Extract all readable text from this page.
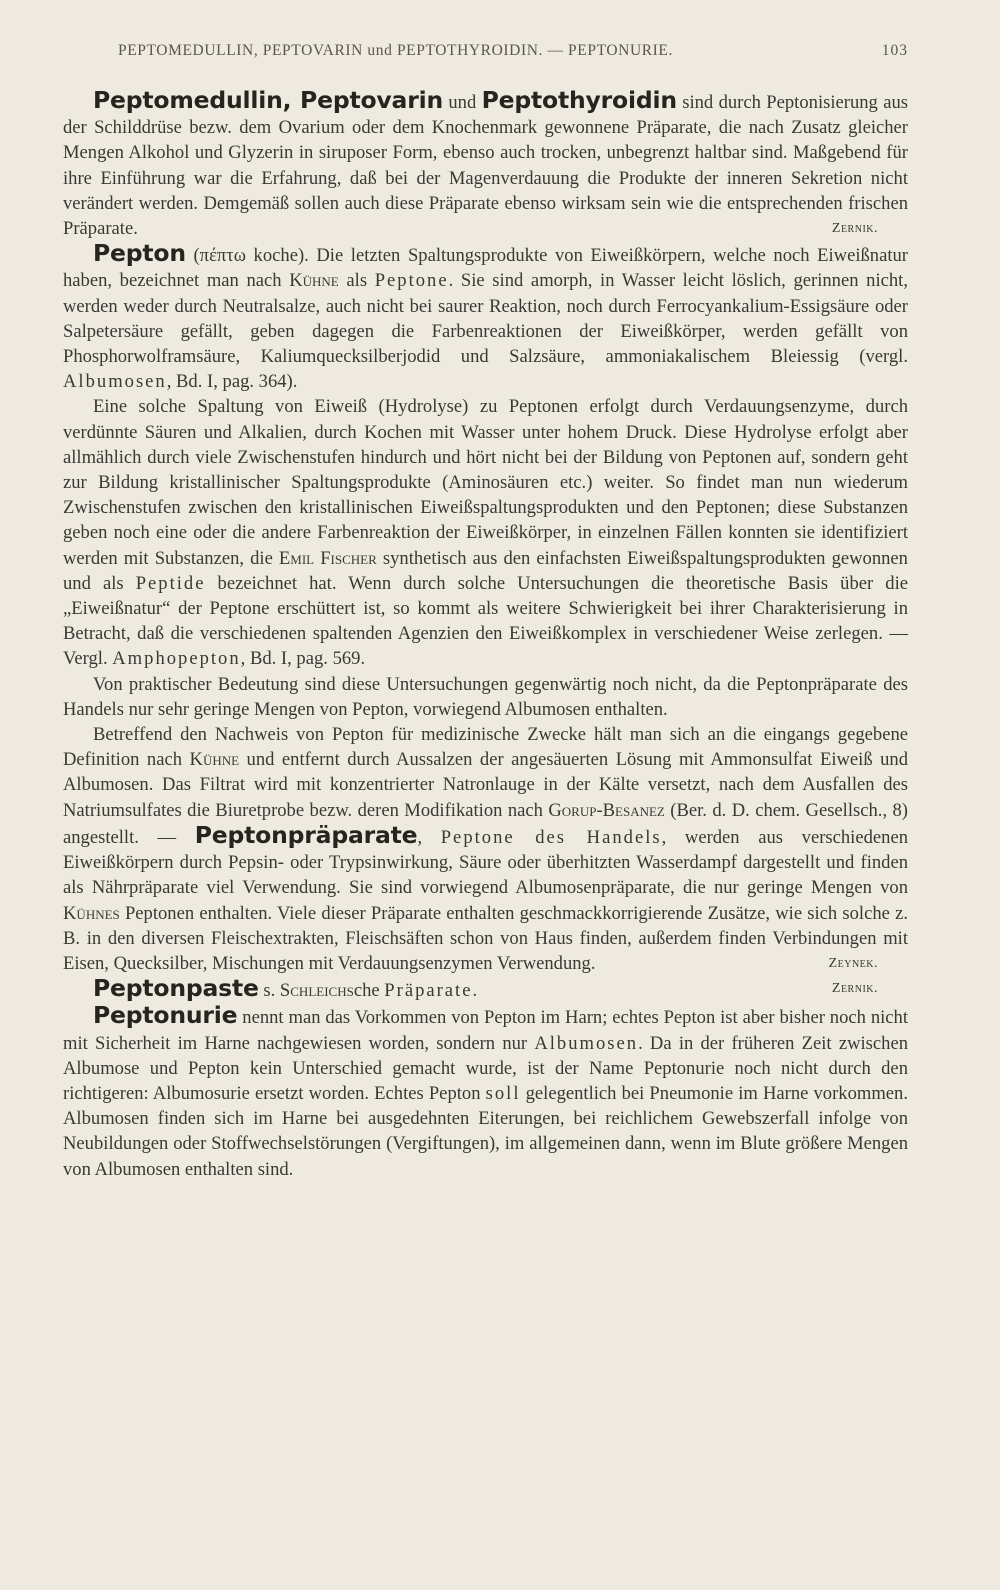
PEPTOMEDULLIN, PEPTOVARIN und PEPTOTHYROIDIN. — PEPTONURIE.	103

Peptomedullin, Peptovarin und Peptothyroidin sind durch Peptonisierung aus der Schilddrüse bezw. dem Ovarium oder dem Knochenmark gewonnene Präparate, die nach Zusatz gleicher Mengen Alkohol und Glyzerin in siruposer Form, ebenso auch trocken, unbegrenzt haltbar sind. Maßgebend für ihre Einführung war die Erfahrung, daß bei der Magenverdauung die Produkte der inneren Sekretion nicht verändert werden. Demgemäß sollen auch diese Präparate ebenso wirksam sein wie die entsprechenden frischen Präparate.	Zernik.

Pepton (πέπτω koche). Die letzten Spaltungsprodukte von Eiweißkörpern, welche noch Eiweißnatur haben, bezeichnet man nach Kühne als Peptone. Sie sind amorph, in Wasser leicht löslich, gerinnen nicht, werden weder durch Neutralsalze, auch nicht bei saurer Reaktion, noch durch Ferrocyankalium-Essigsäure oder Salpetersäure gefällt, geben dagegen die Farbenreaktionen der Eiweißkörper, werden gefällt von Phosphorwolframsäure, Kaliumquecksilberjodid und Salzsäure, ammoniakalischem Bleiessig (vergl. Albumosen, Bd. I, pag. 364).

Eine solche Spaltung von Eiweiß (Hydrolyse) zu Peptonen erfolgt durch Verdauungsenzyme, durch verdünnte Säuren und Alkalien, durch Kochen mit Wasser unter hohem Druck. Diese Hydrolyse erfolgt aber allmählich durch viele Zwischenstufen hindurch und hört nicht bei der Bildung von Peptonen auf, sondern geht zur Bildung kristallinischer Spaltungsprodukte (Aminosäuren etc.) weiter. So findet man nun wiederum Zwischenstufen zwischen den kristallinischen Eiweißspaltungsprodukten und den Peptonen; diese Substanzen geben noch eine oder die andere Farbenreaktion der Eiweißkörper, in einzelnen Fällen konnten sie identifiziert werden mit Substanzen, die Emil Fischer synthetisch aus den einfachsten Eiweißspaltungsprodukten gewonnen und als Peptide bezeichnet hat. Wenn durch solche Untersuchungen die theoretische Basis über die „Eiweißnatur“ der Peptone erschüttert ist, so kommt als weitere Schwierigkeit bei ihrer Charakterisierung in Betracht, daß die verschiedenen spaltenden Agenzien den Eiweißkomplex in verschiedener Weise zerlegen. — Vergl. Amphopepton, Bd. I, pag. 569.

Von praktischer Bedeutung sind diese Untersuchungen gegenwärtig noch nicht, da die Peptonpräparate des Handels nur sehr geringe Mengen von Pepton, vorwiegend Albumosen enthalten.

Betreffend den Nachweis von Pepton für medizinische Zwecke hält man sich an die eingangs gegebene Definition nach Kühne und entfernt durch Aussalzen der angesäuerten Lösung mit Ammonsulfat Eiweiß und Albumosen. Das Filtrat wird mit konzentrierter Natronlauge in der Kälte versetzt, nach dem Ausfallen des Natriumsulfates die Biuretprobe bezw. deren Modifikation nach Gorup-Besanez (Ber. d. D. chem. Gesellsch., 8) angestellt. — Peptonpräparate, Peptone des Handels, werden aus verschiedenen Eiweißkörpern durch Pepsin- oder Trypsinwirkung, Säure oder überhitzten Wasserdampf dargestellt und finden als Nährpräparate viel Verwendung. Sie sind vorwiegend Albumosenpräparate, die nur geringe Mengen von Kühnes Peptonen enthalten. Viele dieser Präparate enthalten geschmackkorrigierende Zusätze, wie sich solche z. B. in den diversen Fleischextrakten, Fleischsäften schon von Haus finden, außerdem finden Verbindungen mit Eisen, Quecksilber, Mischungen mit Verdauungsenzymen Verwendung.	Zeynek.

Peptonpaste s. Schleichsche Präparate.	Zernik.

Peptonurie nennt man das Vorkommen von Pepton im Harn; echtes Pepton ist aber bisher noch nicht mit Sicherheit im Harne nachgewiesen worden, sondern nur Albumosen. Da in der früheren Zeit zwischen Albumose und Pepton kein Unterschied gemacht wurde, ist der Name Peptonurie noch nicht durch den richtigeren: Albumosurie ersetzt worden. Echtes Pepton soll gelegentlich bei Pneumonie im Harne vorkommen. Albumosen finden sich im Harne bei ausgedehnten Eiterungen, bei reichlichem Gewebszerfall infolge von Neubildungen oder Stoffwechselstörungen (Vergiftungen), im allgemeinen dann, wenn im Blute größere Mengen von Albumosen enthalten sind.
